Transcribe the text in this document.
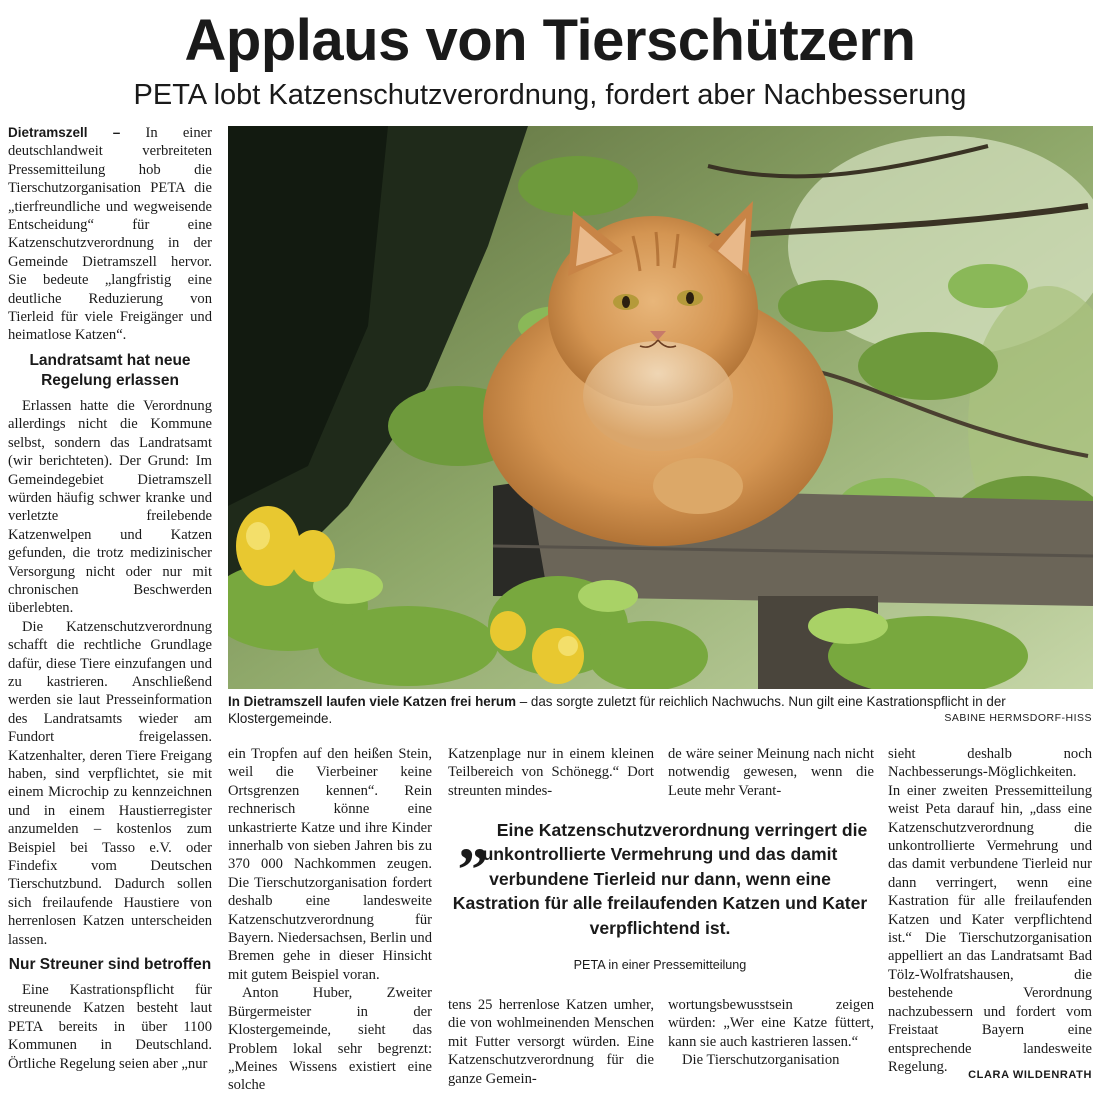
Applaus von Tierschützern

PETA lobt Katzenschutzverordnung, fordert aber Nachbesserung

Dietramszell – In einer deutschlandweit verbreiteten Pressemitteilung hob die Tierschutzorganisation PETA die „tierfreundliche und wegweisende Entscheidung“ für eine Katzenschutzverordnung in der Gemeinde Dietramszell hervor. Sie bedeute „langfristig eine deutliche Reduzierung von Tierleid für viele Freigänger und heimatlose Katzen“.

Landratsamt hat neue Regelung erlassen

Erlassen hatte die Verordnung allerdings nicht die Kommune selbst, sondern das Landratsamt (wir berichteten). Der Grund: Im Gemeindegebiet Dietramszell würden häufig schwer kranke und verletzte freilebende Katzenwelpen und Katzen gefunden, die trotz medizinischer Versorgung nicht oder nur mit chronischen Beschwerden überlebten.

Die Katzenschutzverordnung schafft die rechtliche Grundlage dafür, diese Tiere einzufangen und zu kastrieren. Anschließend werden sie laut Presseinformation des Landratsamts wieder am Fundort freigelassen. Katzenhalter, deren Tiere Freigang haben, sind verpflichtet, sie mit einem Microchip zu kennzeichnen und in einem Haustierregister anzumelden – kostenlos zum Beispiel bei Tasso e.V. oder Findefix vom Deutschen Tierschutzbund. Dadurch sollen sich freilaufende Haustiere von herrenlosen Katzen unterscheiden lassen.

Nur Streuner sind betroffen

Eine Kastrationspflicht für streunende Katzen besteht laut PETA bereits in über 1100 Kommunen in Deutschland. Örtliche Regelung seien aber „nur

In Dietramszell laufen viele Katzen frei herum – das sorgte zuletzt für reichlich Nachwuchs. Nun gilt eine Kastrationspflicht in der Klostergemeinde.	SABINE HERMSDORF-HISS

ein Tropfen auf den heißen Stein, weil die Vierbeiner keine Ortsgrenzen kennen“. Rein rechnerisch könne eine unkastrierte Katze und ihre Kinder innerhalb von sieben Jahren bis zu 370 000 Nachkommen zeugen. Die Tierschutzorganisation fordert deshalb eine landesweite Katzenschutzverordnung für Bayern. Niedersachsen, Berlin und Bremen gehe in dieser Hinsicht mit gutem Beispiel voran.

Anton Huber, Zweiter Bürgermeister in der Klostergemeinde, sieht das Problem lokal sehr begrenzt: „Meines Wissens existiert eine solche

Katzenplage nur in einem kleinen Teilbereich von Schönegg.“ Dort streunten mindes-

de wäre seiner Meinung nach nicht notwendig gewesen, wenn die Leute mehr Verant-

„ Eine Katzenschutzverordnung verringert die unkontrollierte Vermehrung und das damit verbundene Tierleid nur dann, wenn eine Kastration für alle freilaufenden Katzen und Kater verpflichtend ist.

PETA in einer Pressemitteilung

tens 25 herrenlose Katzen umher, die von wohlmeinenden Menschen mit Futter versorgt würden. Eine Katzenschutzverordnung für die ganze Gemein-

wortungsbewusstsein zeigen würden: „Wer eine Katze füttert, kann sie auch kastrieren lassen.“

Die Tierschutzorganisation

sieht deshalb noch Nachbesserungs-Möglichkeiten. In einer zweiten Pressemitteilung weist Peta darauf hin, „dass eine Katzenschutzverordnung die unkontrollierte Vermehrung und das damit verbundene Tierleid nur dann verringert, wenn eine Kastration für alle freilaufenden Katzen und Kater verpflichtend ist.“ Die Tierschutzorganisation appelliert an das Landratsamt Bad Tölz-Wolfratshausen, die bestehende Verordnung nachzubessern und fordert vom Freistaat Bayern eine entsprechende landesweite Regelung.

CLARA WILDENRATH
